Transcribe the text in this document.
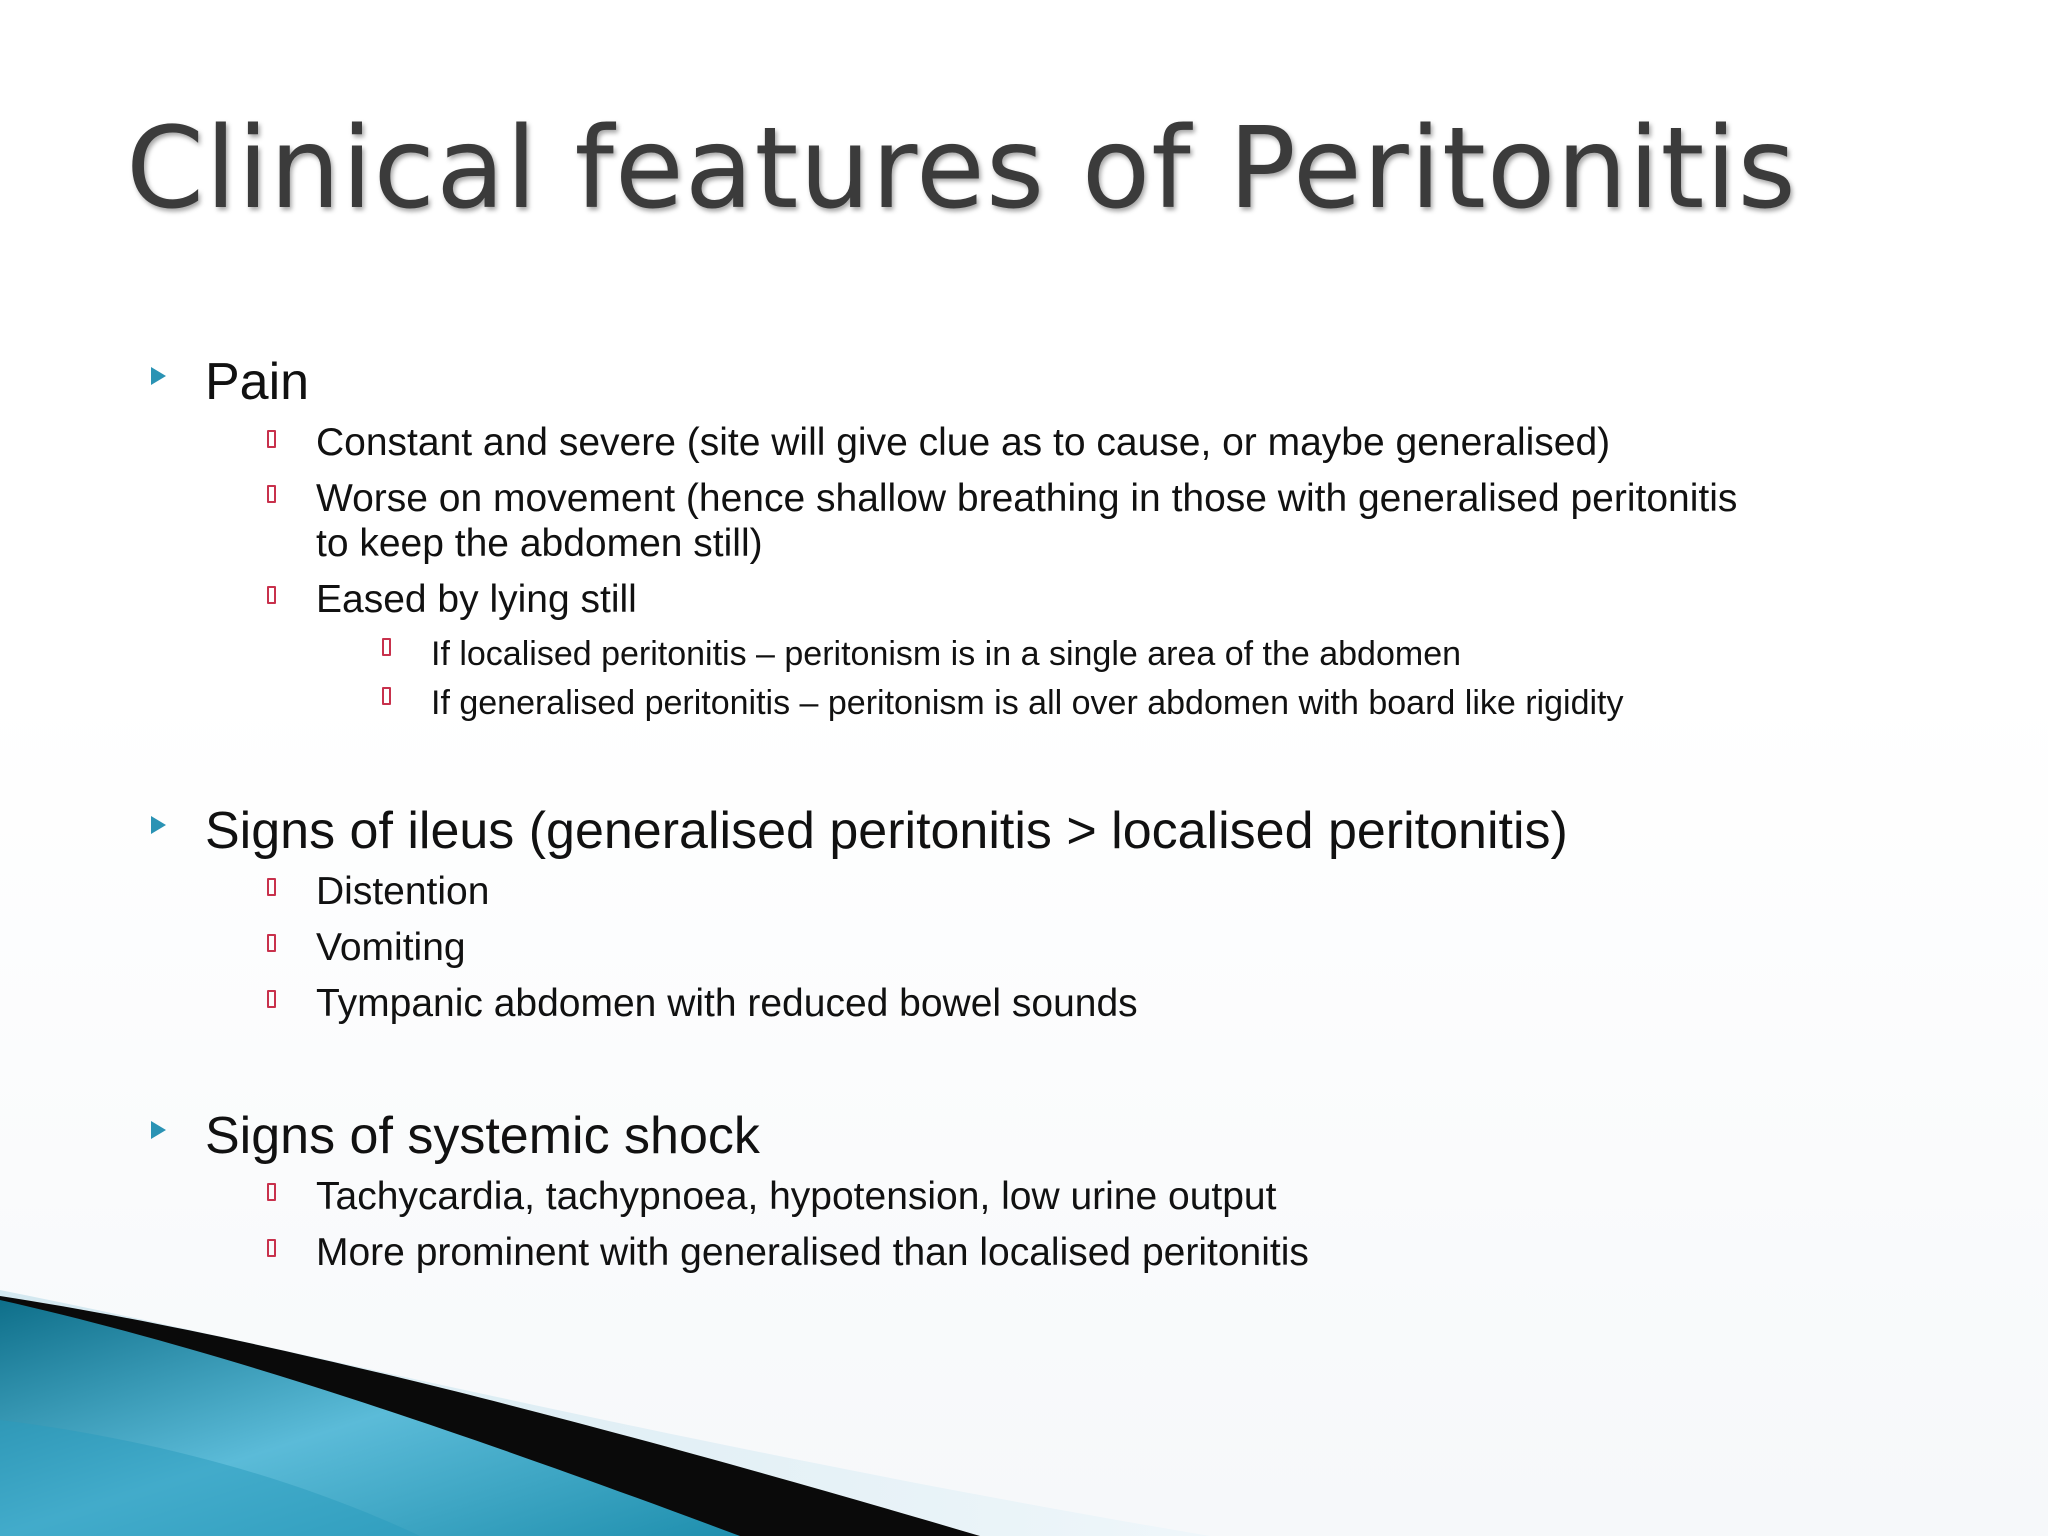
Clinical features of Peritonitis
Pain
Constant and severe (site will give clue as to cause, or maybe generalised)
Worse on movement (hence shallow breathing in those with generalised peritonitis
to keep the abdomen still)
Eased by lying still
If localised peritonitis – peritonism is in a single area of the abdomen
If generalised peritonitis – peritonism is all over abdomen with board like rigidity
Signs of ileus (generalised peritonitis > localised peritonitis)
Distention
Vomiting
Tympanic abdomen with reduced bowel sounds
Signs of systemic shock
Tachycardia, tachypnoea, hypotension, low urine output
More prominent with generalised than localised peritonitis
